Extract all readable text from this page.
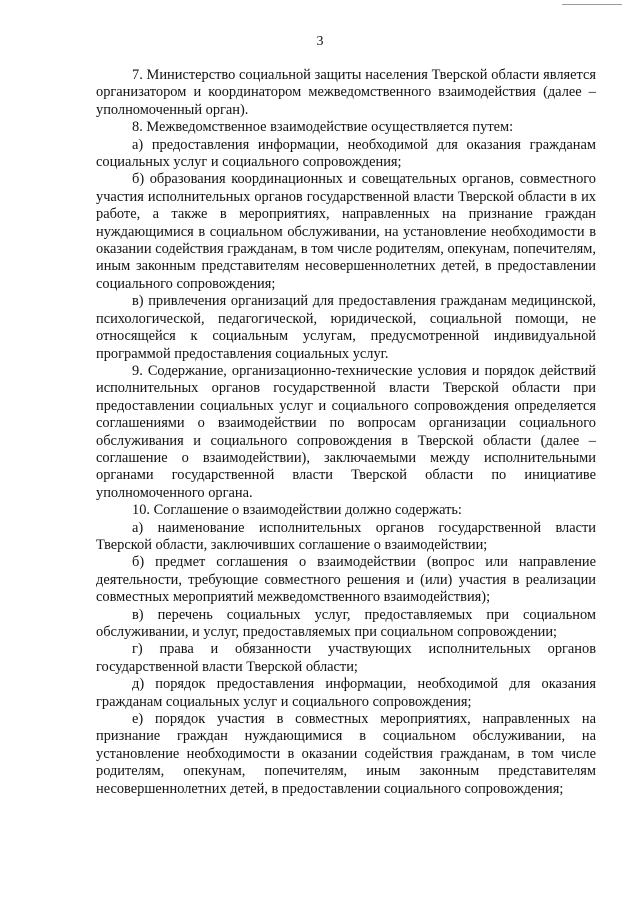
3

7. Министерство социальной защиты населения Тверской области является организатором и координатором межведомственного взаимодействия (далее – уполномоченный орган).

8. Межведомственное взаимодействие осуществляется путем:

а) предоставления информации, необходимой для оказания гражданам социальных услуг и социального сопровождения;

б) образования координационных и совещательных органов, совместного участия исполнительных органов государственной власти Тверской области в их работе, а также в мероприятиях, направленных на признание граждан нуждающимися в социальном обслуживании, на установление необходимости в оказании содействия гражданам, в том числе родителям, опекунам, попечителям, иным законным представителям несовершеннолетних детей, в предоставлении социального сопровождения;

в) привлечения организаций для предоставления гражданам медицинской, психологической, педагогической, юридической, социальной помощи, не относящейся к социальным услугам, предусмотренной индивидуальной программой предоставления социальных услуг.

9. Содержание, организационно-технические условия и порядок действий исполнительных органов государственной власти Тверской области при предоставлении социальных услуг и социального сопровождения определяется соглашениями о взаимодействии по вопросам организации социального обслуживания и социального сопровождения в Тверской области (далее – соглашение о взаимодействии), заключаемыми между исполнительными органами государственной власти Тверской области по инициативе уполномоченного органа.

10. Соглашение о взаимодействии должно содержать:

а) наименование исполнительных органов государственной власти Тверской области, заключивших соглашение о взаимодействии;

б) предмет соглашения о взаимодействии (вопрос или направление деятельности, требующие совместного решения и (или) участия в реализации совместных мероприятий межведомственного взаимодействия);

в) перечень социальных услуг, предоставляемых при социальном обслуживании, и услуг, предоставляемых при социальном сопровождении;

г) права и обязанности участвующих исполнительных органов государственной власти Тверской области;

д) порядок предоставления информации, необходимой для оказания гражданам социальных услуг и социального сопровождения;

е) порядок участия в совместных мероприятиях, направленных на признание граждан нуждающимися в социальном обслуживании, на установление необходимости в оказании содействия гражданам, в том числе родителям, опекунам, попечителям, иным законным представителям несовершеннолетних детей, в предоставлении социального сопровождения;
